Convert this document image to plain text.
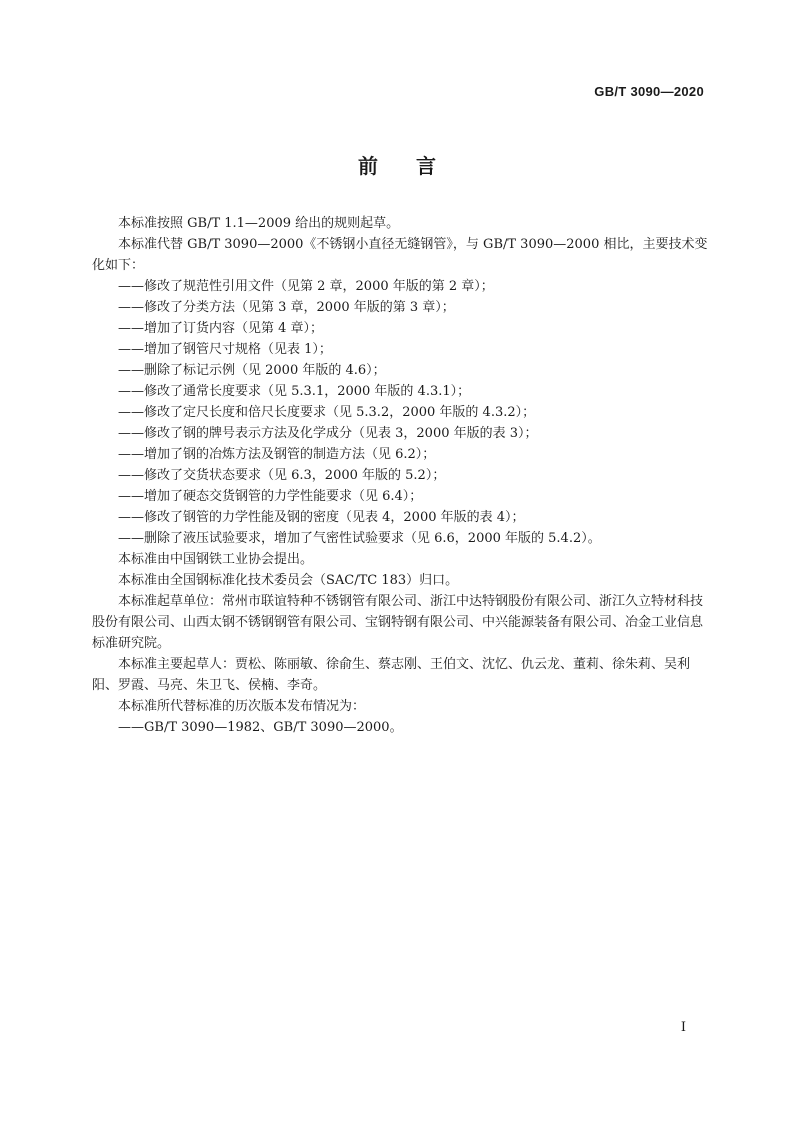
GB/T 3090—2020
前言

本标准按照 GB/T 1.1—2009 给出的规则起草。

本标准代替 GB/T 3090—2000《不锈钢小直径无缝钢管》，与 GB/T 3090—2000 相比，主要技术变化如下：

——修改了规范性引用文件（见第 2 章，2000 年版的第 2 章）；

——修改了分类方法（见第 3 章，2000 年版的第 3 章）；

——增加了订货内容（见第 4 章）；

——增加了钢管尺寸规格（见表 1）；

——删除了标记示例（见 2000 年版的 4.6）；

——修改了通常长度要求（见 5.3.1，2000 年版的 4.3.1）；

——修改了定尺长度和倍尺长度要求（见 5.3.2，2000 年版的 4.3.2）；

——修改了钢的牌号表示方法及化学成分（见表 3，2000 年版的表 3）；

——增加了钢的冶炼方法及钢管的制造方法（见 6.2）；

——修改了交货状态要求（见 6.3，2000 年版的 5.2）；

——增加了硬态交货钢管的力学性能要求（见 6.4）；

——修改了钢管的力学性能及钢的密度（见表 4，2000 年版的表 4）；

——删除了液压试验要求，增加了气密性试验要求（见 6.6，2000 年版的 5.4.2）。

本标准由中国钢铁工业协会提出。

本标准由全国钢标准化技术委员会（SAC/TC 183）归口。

本标准起草单位：常州市联谊特种不锈钢管有限公司、浙江中达特钢股份有限公司、浙江久立特材科技股份有限公司、山西太钢不锈钢钢管有限公司、宝钢特钢有限公司、中兴能源装备有限公司、冶金工业信息标准研究院。

本标准主要起草人：贾松、陈丽敏、徐俞生、蔡志刚、王伯文、沈忆、仇云龙、董莉、徐朱莉、吴利阳、罗霞、马亮、朱卫飞、侯楠、李奇。

本标准所代替标准的历次版本发布情况为：

——GB/T 3090—1982、GB/T 3090—2000。

I
